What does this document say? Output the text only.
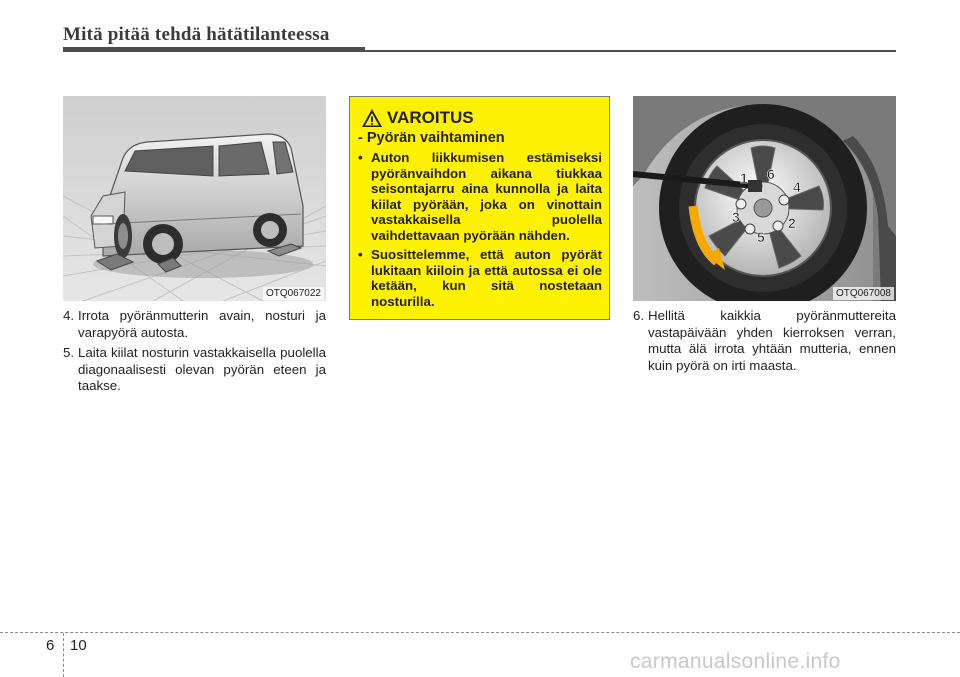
Mitä pitää tehdä hätätilanteessa
OTQ067022
4. Irrota pyöränmutterin avain, nosturi ja varapyörä autosta.
5. Laita kiilat nosturin vastakkaisella puolella diagonaalisesti olevan pyörän eteen ja taakse.
VAROITUS
- Pyörän vaihtaminen
• Auton liikkumisen estämiseksi pyöränvaihdon aikana tiukkaa seisontajarru aina kunnolla ja laita kiilat pyörään, joka on vinottain vastakkaisella puolella vaihdettavaan pyörään nähden.
• Suosittelemme, että auton pyörät lukitaan kiiloin ja että autossa ei ole ketään, kun sitä nostetaan nosturilla.
1
2
3
4
5
6
OTQ067008
6. Hellitä kaikkia pyöränmuttereita vastapäivään yhden kierroksen verran, mutta älä irrota yhtään mutteria, ennen kuin pyörä on irti maasta.
6 10
carmanualsonline.info
